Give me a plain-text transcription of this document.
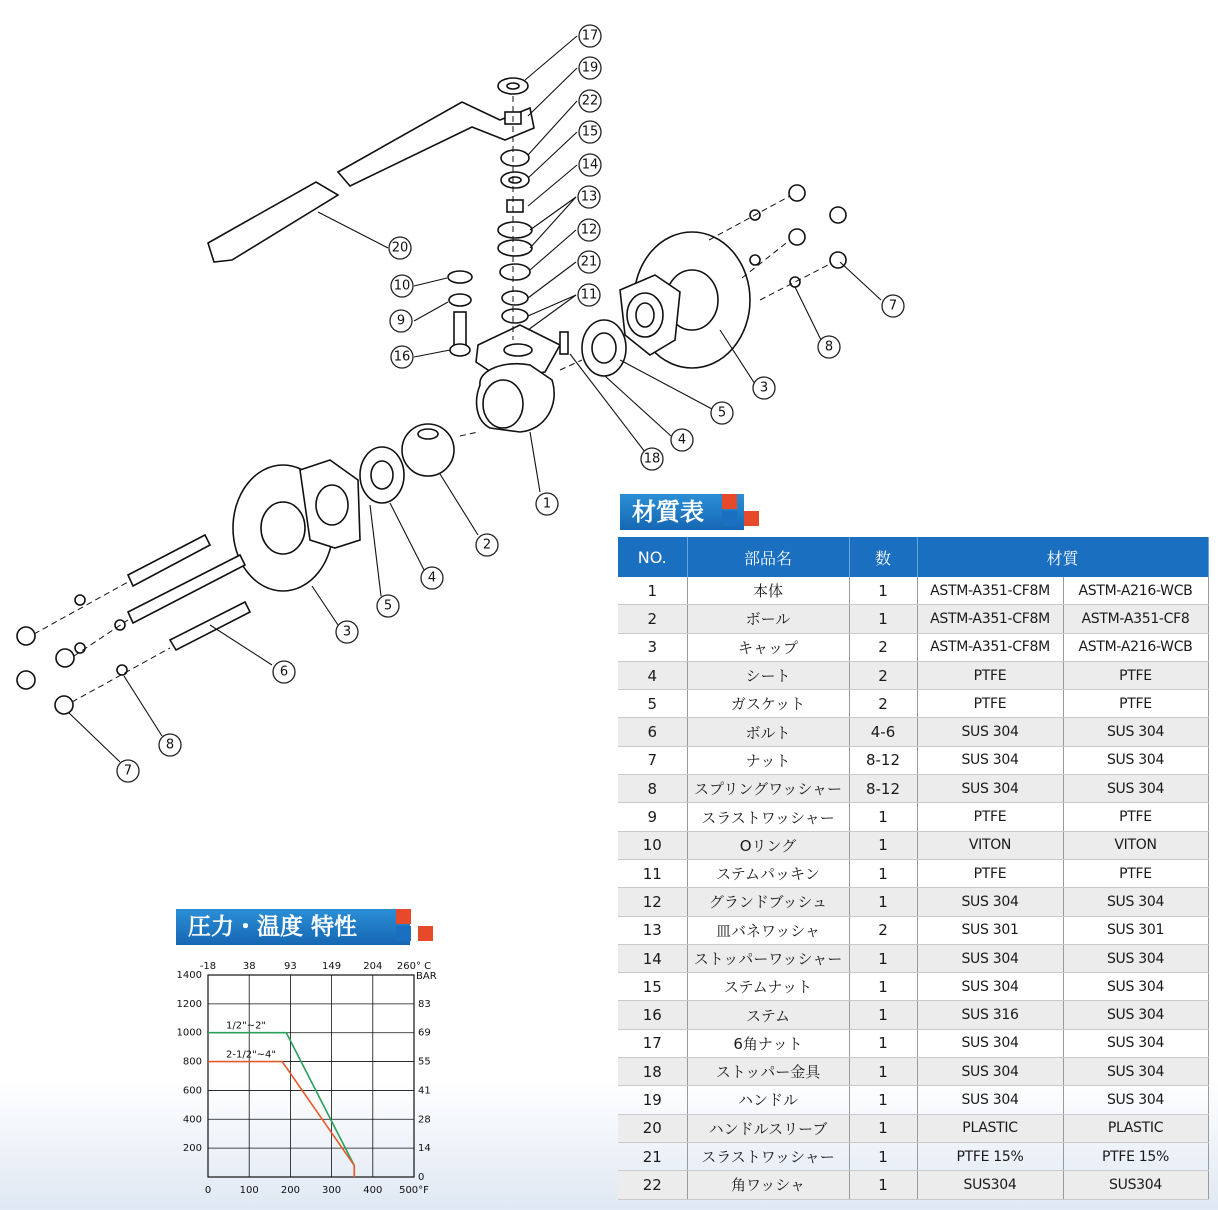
17
19
22
15
14
13
12
21
11
20
10
9
16
7
8
3
5
4
18
1
2
3
4
5
6
8
7
材質表
NO.	部品名	数	材質	
1	本体	1	ASTM-A351-CF8M	ASTM-A216-WCB
2	ボール	1	ASTM-A351-CF8M	ASTM-A351-CF8
3	キャップ	2	ASTM-A351-CF8M	ASTM-A216-WCB
4	シート	2	PTFE	PTFE
5	ガスケット	2	PTFE	PTFE
6	ボルト	4-6	SUS 304	SUS 304
7	ナット	8-12	SUS 304	SUS 304
8	スプリングワッシャー	8-12	SUS 304	SUS 304
9	スラストワッシャー	1	PTFE	PTFE
10	Oリング	1	VITON	VITON
11	ステムパッキン	1	PTFE	PTFE
12	グランドブッシュ	1	SUS 304	SUS 304
13	皿バネワッシャ	2	SUS 301	SUS 301
14	ストッパーワッシャー	1	SUS 304	SUS 304
15	ステムナット	1	SUS 304	SUS 304
16	ステム	1	SUS 316	SUS 304
17	6角ナット	1	SUS 304	SUS 304
18	ストッパー金具	1	SUS 304	SUS 304
19	ハンドル	1	SUS 304	SUS 304
20	ハンドルスリーブ	1	PLASTIC	PLASTIC
21	スラストワッシャー	1	PTFE 15%	PTFE 15%
22	角ワッシャ	1	SUS304	SUS304
圧力・温度 特性
1400
1200
1000
800
600
400
200
83
69
55
41
28
14
0
BAR
-18	38	93	149 204 260° C
0	100 200 300 400 500°F
1/2"~2"
2-1/2"~4"
